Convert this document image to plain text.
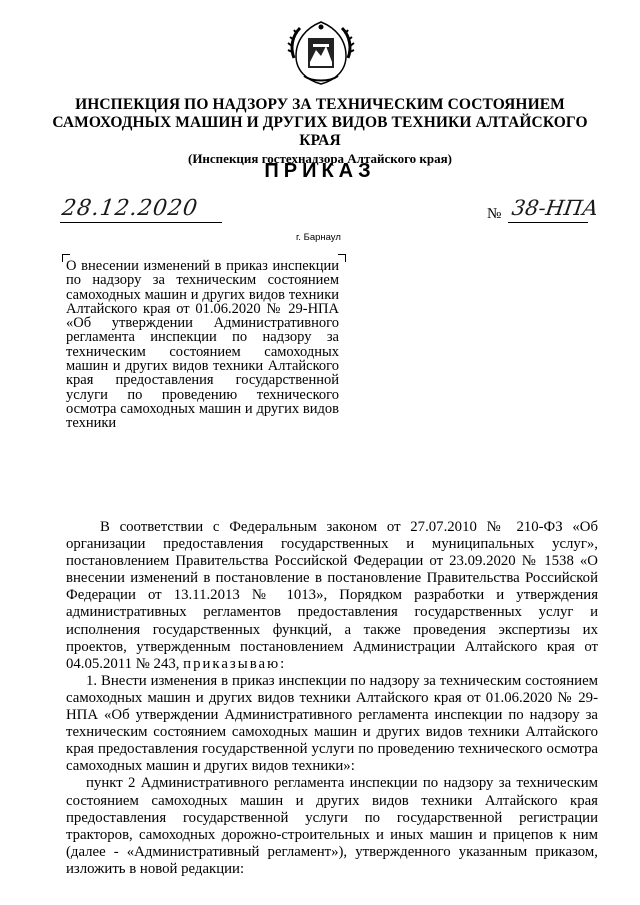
ИНСПЕКЦИЯ ПО НАДЗОРУ ЗА ТЕХНИЧЕСКИМ СОСТОЯНИЕМ
САМОХОДНЫХ МАШИН И ДРУГИХ ВИДОВ ТЕХНИКИ АЛТАЙСКОГО КРАЯ
(Инспекция гостехнадзора Алтайского края)
ПРИКАЗ
28.12.2020	№ 38-НПА
г. Барнаул
О внесении изменений в приказ инспекции по надзору за техническим состоянием самоходных машин и других видов техники Алтайского края от 01.06.2020 № 29-НПА «Об утверждении Административного регламента инспекции по надзору за техническим состоянием самоходных машин и других видов техники Алтайского края предоставления государственной услуги по проведению технического осмотра самоходных машин и других видов техники

В соответствии с Федеральным законом от 27.07.2010 № 210-ФЗ «Об организации предоставления государственных и муниципальных услуг», постановлением Правительства Российской Федерации от 23.09.2020 № 1538 «О внесении изменений в постановление в постановление Правительства Российской Федерации от 13.11.2013 № 1013», Порядком разработки и утверждения административных регламентов предоставления государственных услуг и исполнения государственных функций, а также проведения экспертизы их проектов, утвержденным постановлением Администрации Алтайского края от 04.05.2011 № 243, приказываю:

1. Внести изменения в приказ инспекции по надзору за техническим состоянием самоходных машин и других видов техники Алтайского края от 01.06.2020 № 29-НПА «Об утверждении Административного регламента инспекции по надзору за техническим состоянием самоходных машин и других видов техники Алтайского края предоставления государственной услуги по проведению технического осмотра самоходных машин и других видов техники»:

пункт 2 Административного регламента инспекции по надзору за техническим состоянием самоходных машин и других видов техники Алтайского края предоставления государственной услуги по государственной регистрации тракторов, самоходных дорожно-строительных и иных машин и прицепов к ним (далее - «Административный регламент»), утвержденного указанным приказом, изложить в новой редакции:
